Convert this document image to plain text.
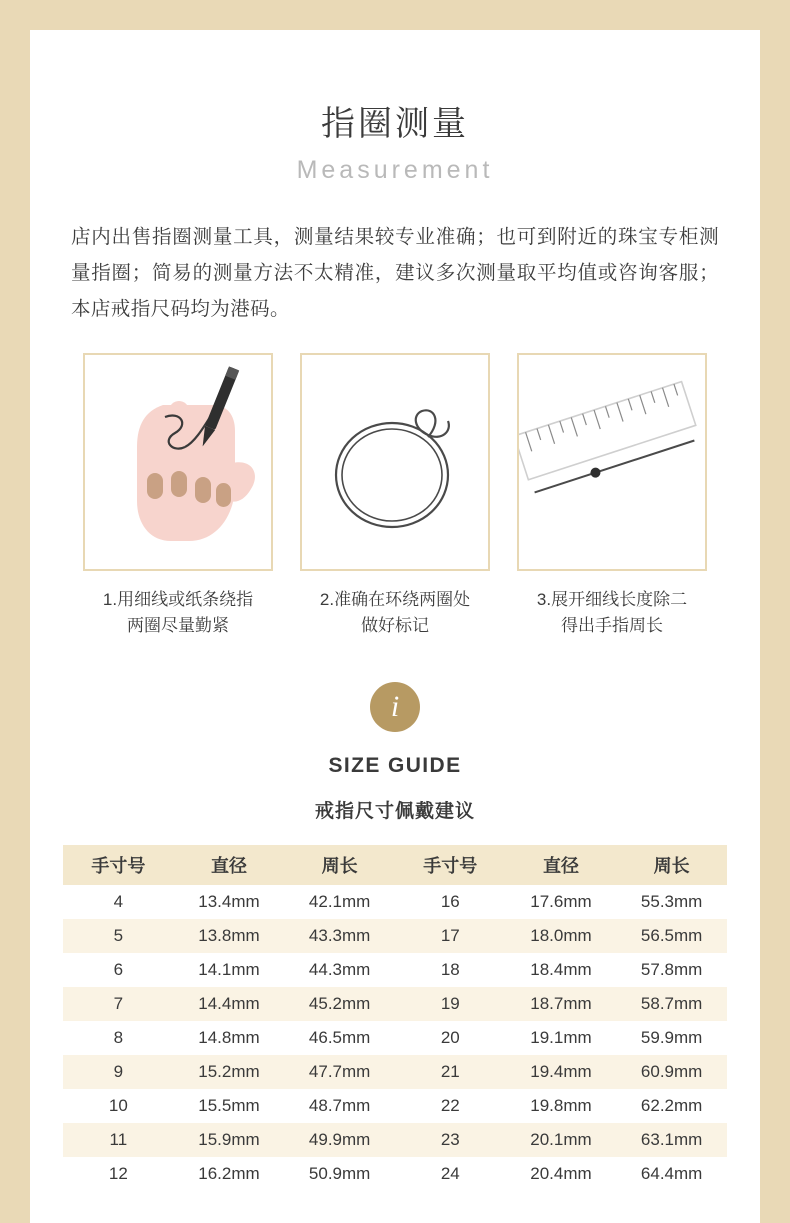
指圈测量
Measurement
店内出售指圈测量工具，测量结果较专业准确；也可到附近的珠宝专柜测量指圈；简易的测量方法不太精准，建议多次测量取平均值或咨询客服；本店戒指尺码均为港码。
1.用细线或纸条绕指
两圈尽量勤紧
2.准确在环绕两圈处
做好标记
3.展开细线长度除二
得出手指周长
i
SIZE GUIDE
戒指尺寸佩戴建议
手寸号	直径	周长	手寸号	直径	周长
4	13.4mm	42.1mm	16	17.6mm	55.3mm
5	13.8mm	43.3mm	17	18.0mm	56.5mm
6	14.1mm	44.3mm	18	18.4mm	57.8mm
7	14.4mm	45.2mm	19	18.7mm	58.7mm
8	14.8mm	46.5mm	20	19.1mm	59.9mm
9	15.2mm	47.7mm	21	19.4mm	60.9mm
10	15.5mm	48.7mm	22	19.8mm	62.2mm
11	15.9mm	49.9mm	23	20.1mm	63.1mm
12	16.2mm	50.9mm	24	20.4mm	64.4mm
